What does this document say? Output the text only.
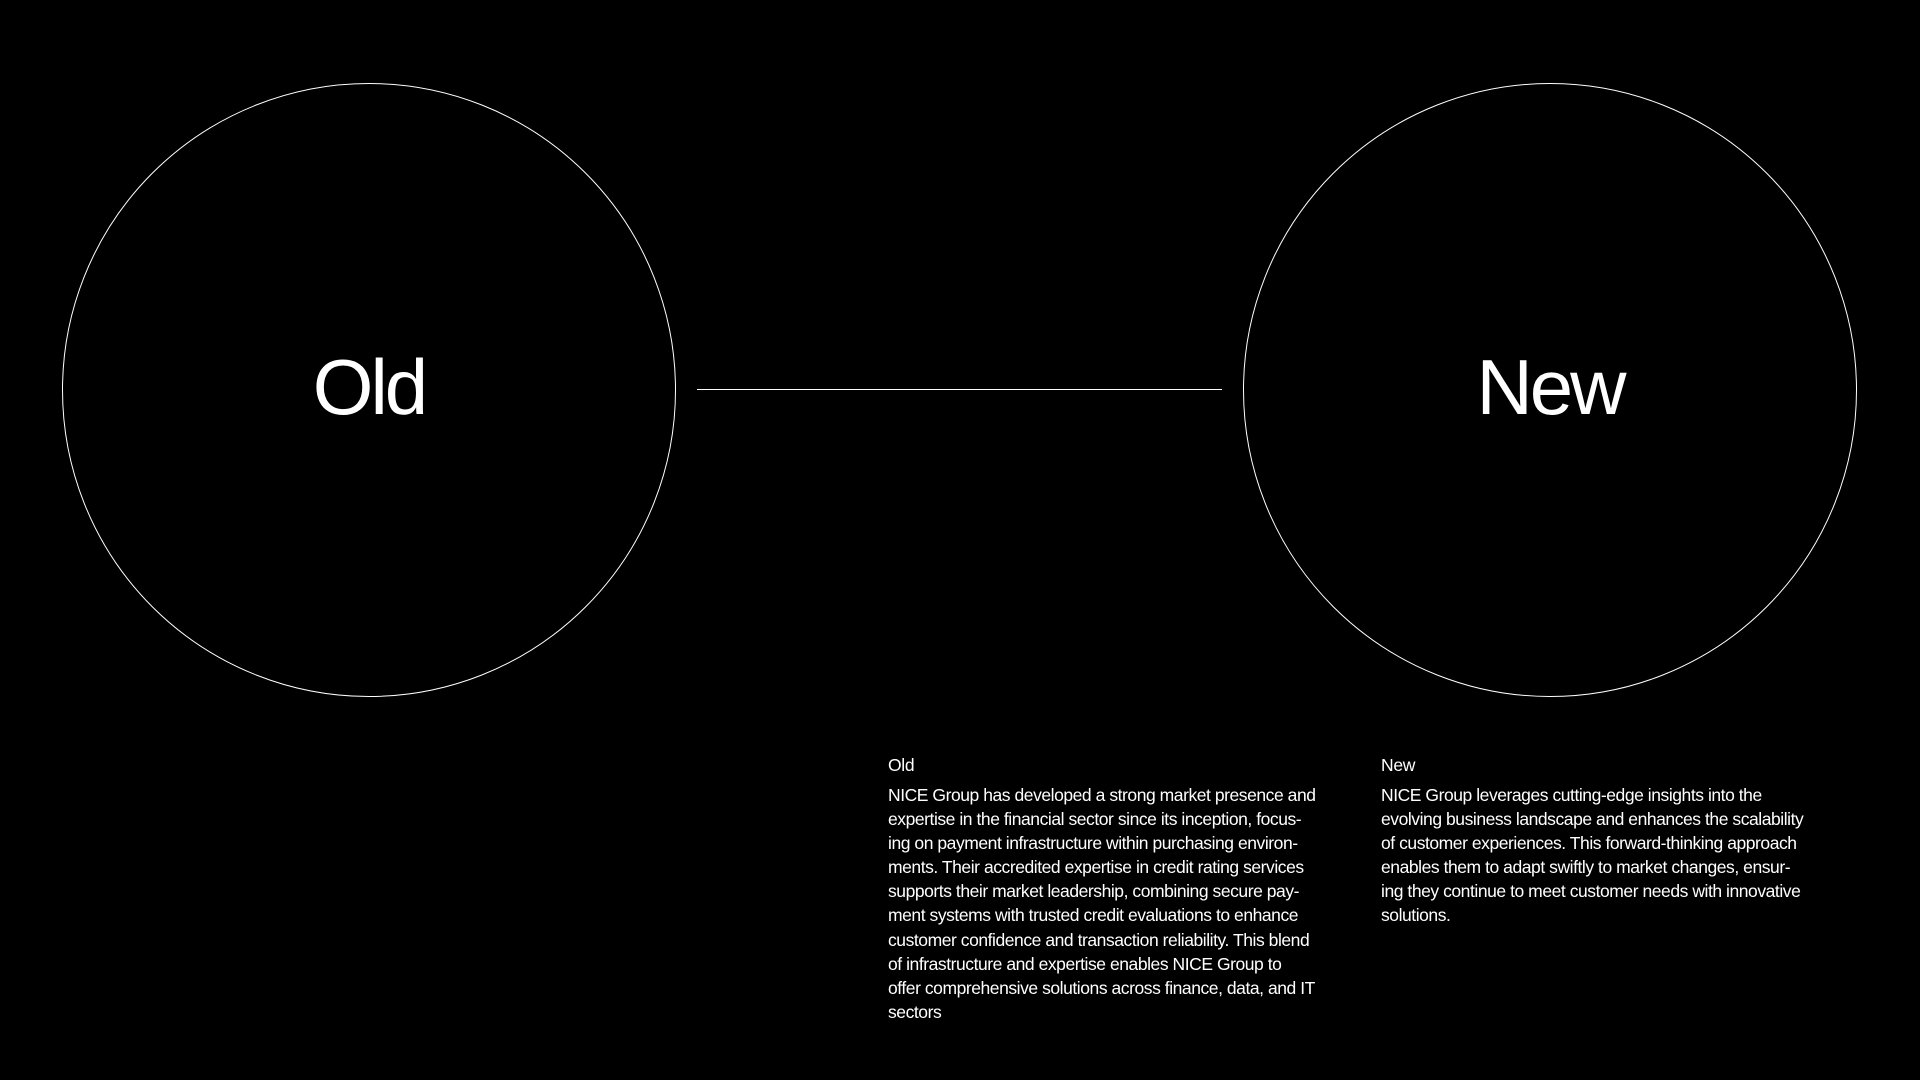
Old	New
Old

NICE Group has developed a strong market presence and
expertise in the financial sector since its inception, focus-
ing on payment infrastructure within purchasing environ-
ments. Their accredited expertise in credit rating services
supports their market leadership, combining secure pay-
ment systems with trusted credit evaluations to enhance
customer confidence and transaction reliability. This blend
of infrastructure and expertise enables NICE Group to
offer comprehensive solutions across finance, data, and IT
sectors

New

NICE Group leverages cutting-edge insights into the
evolving business landscape and enhances the scalability
of customer experiences. This forward-thinking approach
enables them to adapt swiftly to market changes, ensur-
ing they continue to meet customer needs with innovative
solutions.
